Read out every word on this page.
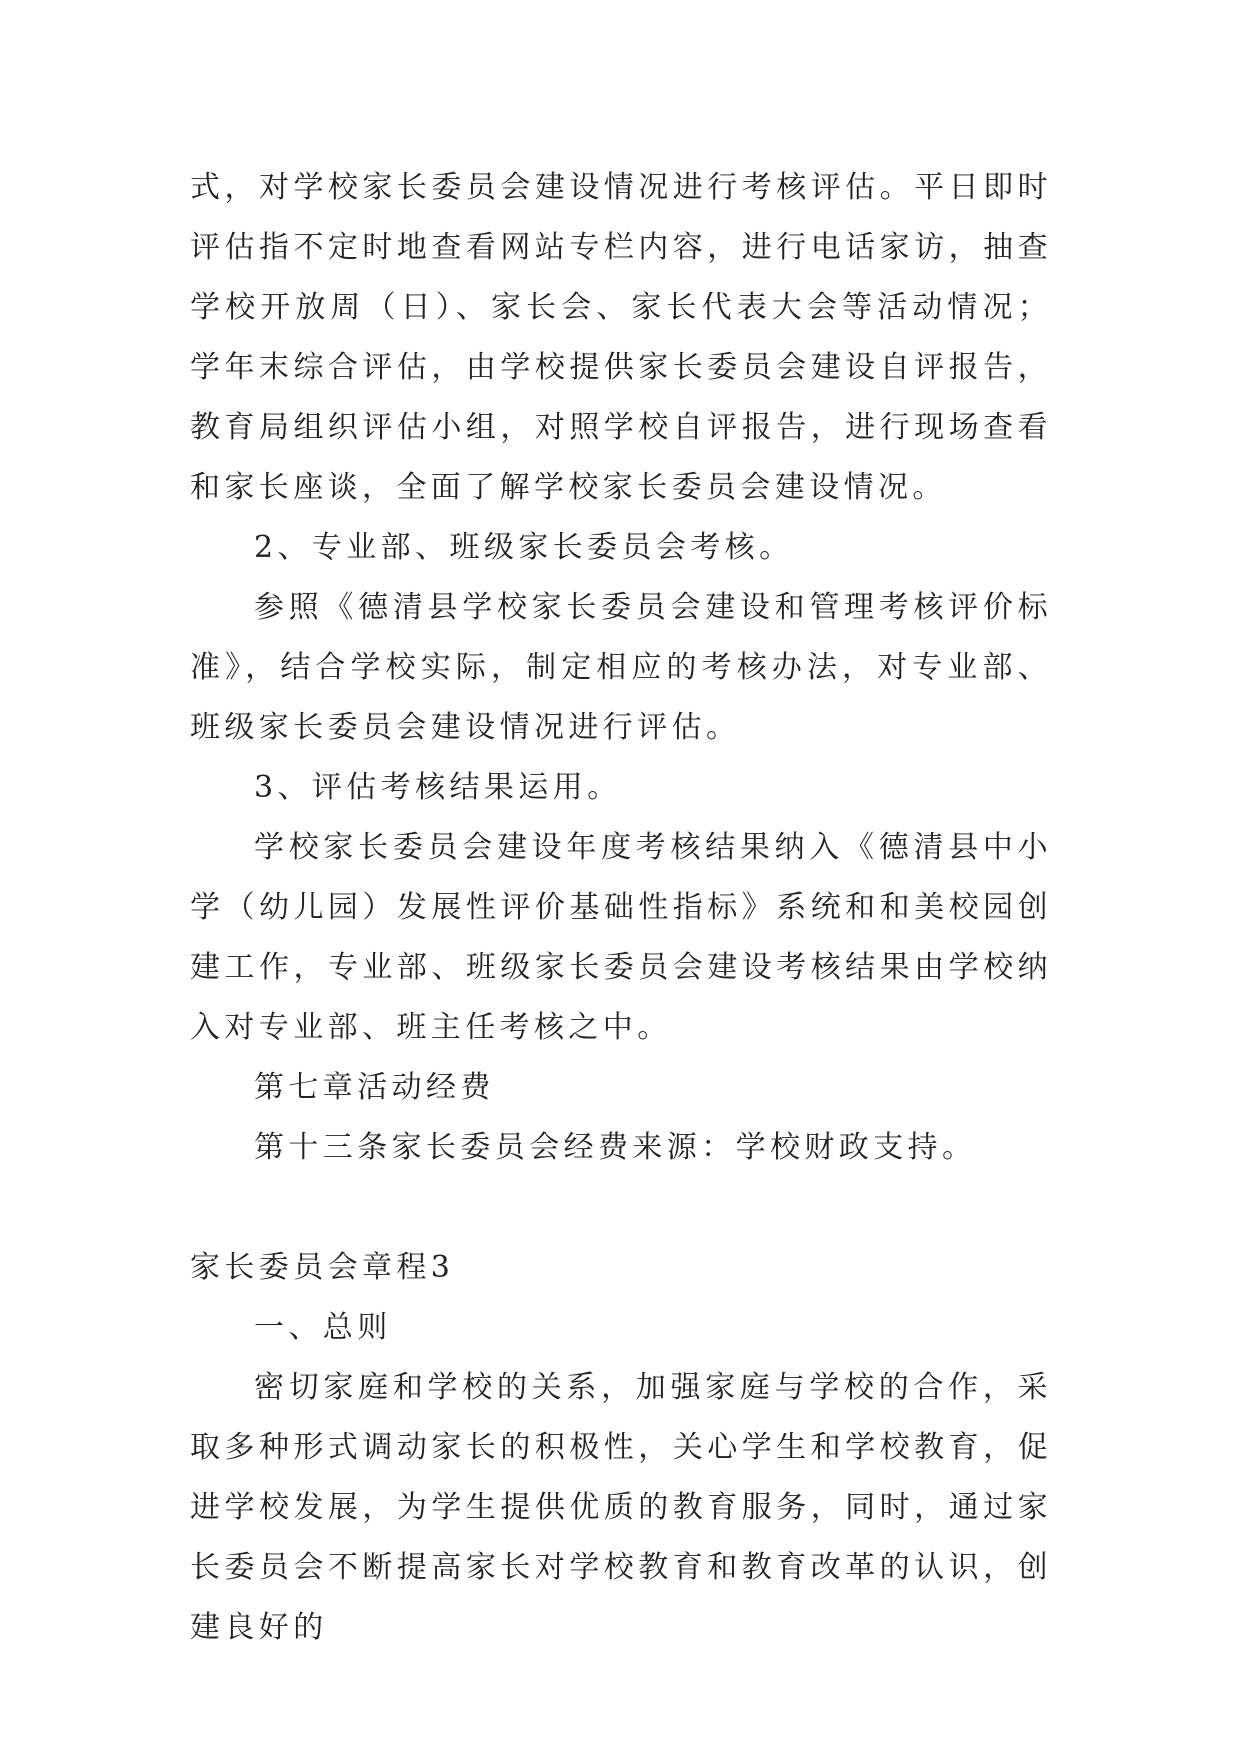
式，对学校家长委员会建设情况进行考核评估。平日即时评估指不定时地查看网站专栏内容，进行电话家访，抽查学校开放周（日）、家长会、家长代表大会等活动情况；学年末综合评估，由学校提供家长委员会建设自评报告，教育局组织评估小组，对照学校自评报告，进行现场查看和家长座谈，全面了解学校家长委员会建设情况。

2、专业部、班级家长委员会考核。

参照《德清县学校家长委员会建设和管理考核评价标准》，结合学校实际，制定相应的考核办法，对专业部、班级家长委员会建设情况进行评估。

3、评估考核结果运用。

学校家长委员会建设年度考核结果纳入《德清县中小学（幼儿园）发展性评价基础性指标》系统和和美校园创建工作，专业部、班级家长委员会建设考核结果由学校纳入对专业部、班主任考核之中。

第七章活动经费

第十三条家长委员会经费来源：学校财政支持。

家长委员会章程3

一、总则

密切家庭和学校的关系，加强家庭与学校的合作，采取多种形式调动家长的积极性，关心学生和学校教育，促进学校发展，为学生提供优质的教育服务，同时，通过家长委员会不断提高家长对学校教育和教育改革的认识，创建良好的
